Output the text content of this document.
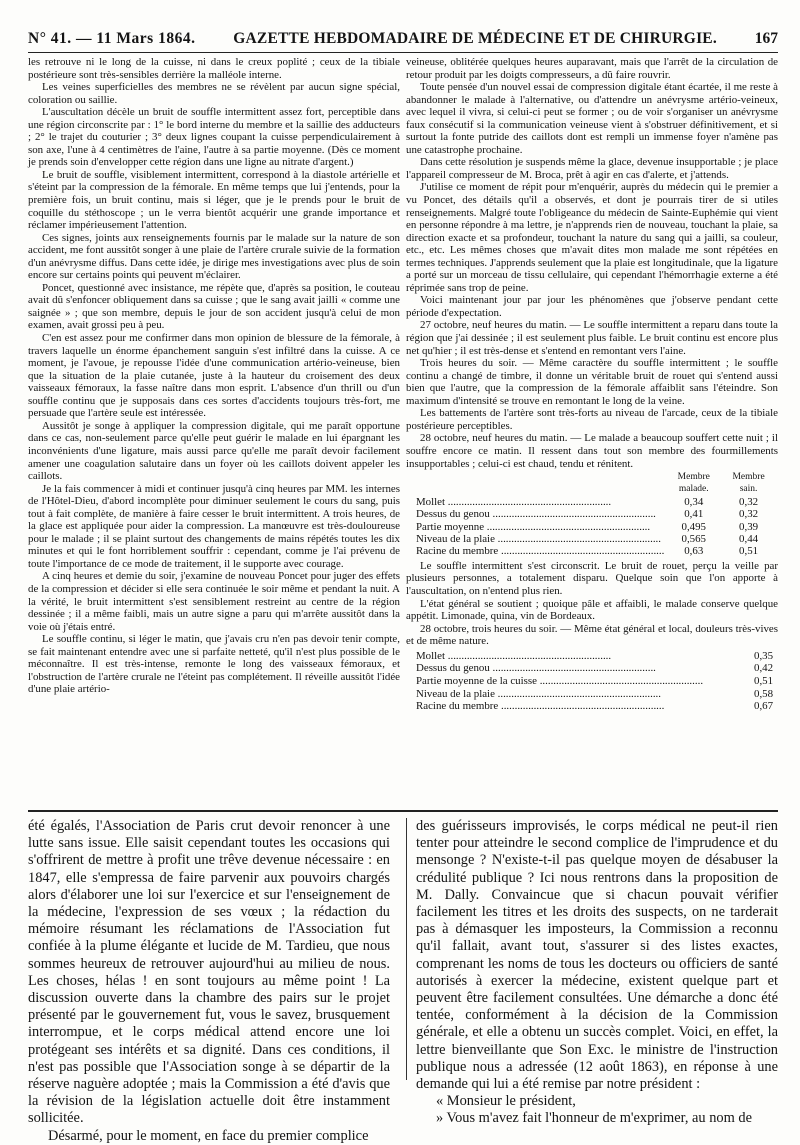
N° 41. — 11 Mars 1864.	GAZETTE HEBDOMADAIRE DE MÉDECINE ET DE CHIRURGIE.	167

les retrouve ni le long de la cuisse, ni dans le creux poplité ; ceux de la tibiale postérieure sont très-sensibles derrière la malléole interne.

Les veines superficielles des membres ne se révèlent par aucun signe spécial, coloration ou saillie.

L'auscultation décèle un bruit de souffle intermittent assez fort, perceptible dans une région circonscrite par : 1° le bord interne du membre et la saillie des adducteurs ; 2° le trajet du couturier ; 3° deux lignes coupant la cuisse perpendiculairement à son axe, l'une à 4 centimètres de l'aine, l'autre à sa partie moyenne. (Dès ce moment je prends soin d'envelopper cette région dans une ligne au nitrate d'argent.)

Le bruit de souffle, visiblement intermittent, correspond à la diastole artérielle et s'éteint par la compression de la fémorale. En même temps que lui j'entends, pour la première fois, un bruit continu, mais si léger, que je le prends pour le bruit de coquille du stéthoscope ; un le verra bientôt acquérir une grande importance et réclamer impérieusement l'attention.

Ces signes, joints aux renseignements fournis par le malade sur la nature de son accident, me font aussitôt songer à une plaie de l'artère crurale suivie de la formation d'un anévrysme diffus. Dans cette idée, je dirige mes investigations avec plus de soin encore sur certains points qui peuvent m'éclairer.

Poncet, questionné avec insistance, me répète que, d'après sa position, le couteau avait dû s'enfoncer obliquement dans sa cuisse ; que le sang avait jailli « comme une saignée » ; que son membre, depuis le jour de son accident jusqu'à celui de mon examen, avait grossi peu à peu.

C'en est assez pour me confirmer dans mon opinion de blessure de la fémorale, à travers laquelle un énorme épanchement sanguin s'est infiltré dans la cuisse. A ce moment, je l'avoue, je repousse l'idée d'une communication artério-veineuse, bien que la situation de la plaie cutanée, juste à la hauteur du croisement des deux vaisseaux fémoraux, la fasse naître dans mon esprit. L'absence d'un thrill ou d'un souffle continu que je supposais dans ces sortes d'accidents toujours très-fort, me persuade que l'artère seule est intéressée.

Aussitôt je songe à appliquer la compression digitale, qui me paraît opportune dans ce cas, non-seulement parce qu'elle peut guérir le malade en lui épargnant les inconvénients d'une ligature, mais aussi parce qu'elle me paraît devoir facilement amener une coagulation salutaire dans un foyer où les caillots doivent appeler les caillots.

Je la fais commencer à midi et continuer jusqu'à cinq heures par MM. les internes de l'Hôtel-Dieu, d'abord incomplète pour diminuer seulement le cours du sang, puis tout à fait complète, de manière à faire cesser le bruit intermittent. A trois heures, de la glace est appliquée pour aider la compression. La manœuvre est très-douloureuse pour le malade ; il se plaint surtout des changements de mains répétés toutes les dix minutes et qui le font horriblement souffrir : cependant, comme je l'ai prévenu de toute l'importance de ce mode de traitement, il le supporte avec courage.

A cinq heures et demie du soir, j'examine de nouveau Poncet pour juger des effets de la compression et décider si elle sera continuée le soir même et pendant la nuit. A la vérité, le bruit intermittent s'est sensiblement restreint au centre de la région dessinée ; il a même faibli, mais un autre signe a paru qui m'arrête aussitôt dans la voie où j'étais entré.

Le souffle continu, si léger le matin, que j'avais cru n'en pas devoir tenir compte, se fait maintenant entendre avec une si parfaite netteté, qu'il n'est plus possible de le méconnaître. Il est très-intense, remonte le long des vaisseaux fémoraux, et l'obstruction de l'artère crurale ne l'éteint pas complétement. Il réveille aussitôt l'idée d'une plaie artério-

veineuse, oblitérée quelques heures auparavant, mais que l'arrêt de la circulation de retour produit par les doigts compresseurs, a dû faire rouvrir.

Toute pensée d'un nouvel essai de compression digitale étant écartée, il me reste à abandonner le malade à l'alternative, ou d'attendre un anévrysme artério-veineux, avec lequel il vivra, si celui-ci peut se former ; ou de voir s'organiser un anévrysme faux consécutif si la communication veineuse vient à s'obstruer définitivement, et si surtout la fonte putride des caillots dont est rempli un immense foyer n'amène pas une catastrophe prochaine.

Dans cette résolution je suspends même la glace, devenue insupportable ; je place l'appareil compresseur de M. Broca, prêt à agir en cas d'alerte, et j'attends.

J'utilise ce moment de répit pour m'enquérir, auprès du médecin qui le premier a vu Poncet, des détails qu'il a observés, et dont je pourrais tirer de si utiles renseignements. Malgré toute l'obligeance du médecin de Sainte-Euphémie qui vient en personne répondre à ma lettre, je n'apprends rien de nouveau, touchant la plaie, sa direction exacte et sa profondeur, touchant la nature du sang qui a jailli, sa couleur, etc., etc. Les mêmes choses que m'avait dites mon malade me sont répétées en termes techniques. J'apprends seulement que la plaie est longitudinale, que la ligature a porté sur un morceau de tissu cellulaire, qui cependant l'hémorrhagie externe a été réprimée sans trop de peine.

Voici maintenant jour par jour les phénomènes que j'observe pendant cette période d'expectation.

27 octobre, neuf heures du matin. — Le souffle intermittent a reparu dans toute la région que j'ai dessinée ; il est seulement plus faible. Le bruit continu est encore plus net qu'hier ; il est très-dense et s'entend en remontant vers l'aine.

Trois heures du soir. — Même caractère du souffle intermittent ; le souffle continu a changé de timbre, il donne un véritable bruit de rouet qui s'entend aussi bien que l'autre, que la compression de la fémorale affaiblit sans l'éteindre. Son maximum d'intensité se trouve en remontant le long de la veine.

Les battements de l'artère sont très-forts au niveau de l'arcade, ceux de la tibiale postérieure perceptibles.

28 octobre, neuf heures du matin. — Le malade a beaucoup souffert cette nuit ; il souffre encore ce matin. Il ressent dans tout son membre des fourmillements insupportables ; celui-ci est chaud, tendu et rénitent.

	Membre malade.	Membre sain.
Mollet ............................................................	0,34	0,32
Dessus du genou ............................................................	0,41	0,32
Partie moyenne ............................................................	0,495	0,39
Niveau de la plaie ............................................................	0,565	0,44
Racine du membre ............................................................	0,63	0,51

Le souffle intermittent s'est circonscrit. Le bruit de rouet, perçu la veille par plusieurs personnes, a totalement disparu. Quelque soin que l'on apporte à l'auscultation, on n'entend plus rien.

L'état général se soutient ; quoique pâle et affaibli, le malade conserve quelque appétit. Limonade, quina, vin de Bordeaux.

28 octobre, trois heures du soir. — Même état général et local, douleurs très-vives et de même nature.

Mollet ............................................................	0,35
Dessus du genou ............................................................	0,42
Partie moyenne de la cuisse ............................................................	0,51
Niveau de la plaie ............................................................	0,58
Racine du membre ............................................................	0,67

été égalés, l'Association de Paris crut devoir renoncer à une lutte sans issue. Elle saisit cependant toutes les occasions qui s'offrirent de mettre à profit une trêve devenue nécessaire : en 1847, elle s'empressa de faire parvenir aux pouvoirs chargés alors d'élaborer une loi sur l'exercice et sur l'enseignement de la médecine, l'expression de ses vœux ; la rédaction du mémoire résumant les réclamations de l'Association fut confiée à la plume élégante et lucide de M. Tardieu, que nous sommes heureux de retrouver aujourd'hui au milieu de nous. Les choses, hélas ! en sont toujours au même point ! La discussion ouverte dans la chambre des pairs sur le projet présenté par le gouvernement fut, vous le savez, brusquement interrompue, et le corps médical attend encore une loi protégeant ses intérêts et sa dignité. Dans ces conditions, il n'est pas possible que l'Association songe à se départir de la réserve naguère adoptée ; mais la Commission a été d'avis que la révision de la législation actuelle doit être instamment sollicitée.

Désarmé, pour le moment, en face du premier complice

des guérisseurs improvisés, le corps médical ne peut-il rien tenter pour atteindre le second complice de l'imprudence et du mensonge ? N'existe-t-il pas quelque moyen de désabuser la crédulité publique ? Ici nous rentrons dans la proposition de M. Dally. Convaincue que si chacun pouvait vérifier facilement les titres et les droits des suspects, on ne tarderait pas à démasquer les imposteurs, la Commission a reconnu qu'il fallait, avant tout, s'assurer si des listes exactes, comprenant les noms de tous les docteurs ou officiers de santé autorisés à exercer la médecine, existent quelque part et peuvent être facilement consultées. Une démarche a donc été tentée, conformément à la décision de la Commission générale, et elle a obtenu un succès complet. Voici, en effet, la lettre bienveillante que Son Exc. le ministre de l'instruction publique nous a adressée (12 août 1863), en réponse à une demande qui lui a été remise par notre président :

« Monsieur le président,

» Vous m'avez fait l'honneur de m'exprimer, au nom de
